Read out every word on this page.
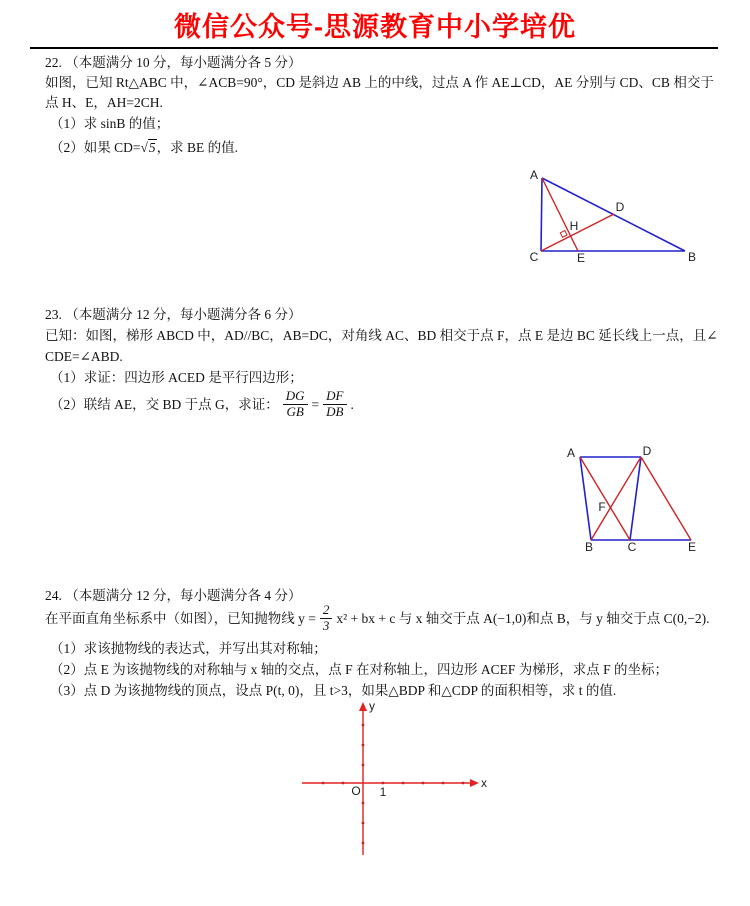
微信公众号-思源教育中小学培优
22. （本题满分 10 分，每小题满分各 5 分）
如图，已知 Rt△ABC 中，∠ACB=90°，CD 是斜边 AB 上的中线，过点 A 作 AE⊥CD，AE 分别与 CD、CB 相交于
点 H、E，AH=2CH.
（1）求 sinB 的值；
（2）如果 CD= √5 ，求 BE 的值.
A
C	B
D
H
E
23. （本题满分 12 分，每小题满分各 6 分）
已知：如图，梯形 ABCD 中，AD//BC，AB=DC，对角线 AC、BD 相交于点 F，点 E 是边 BC 延长线上一点，且∠
CDE=∠ABD.
（1）求证：四边形 ACED 是平行四边形；
（2）联结 AE，交 BD 于点 G，求证： $\frac{DG}{GB} = \frac{DF}{DB}$ .
A	D
B	C	E
F
24. （本题满分 12 分，每小题满分各 4 分）
在平面直角坐标系中（如图），已知抛物线 $y = \frac{2}{3} x^2$ + bx + c 与 x 轴交于点 A(−1,0)和点 B，与 y 轴交于点 C(0,−2).
（1）求该抛物线的表达式，并写出其对称轴；
（2）点 E 为该抛物线的对称轴与 x 轴的交点，点 F 在对称轴上，四边形 ACEF 为梯形，求点 F 的坐标；
（3）点 D 为该抛物线的顶点，设点 P(t, 0)，且 t>3，如果△BDP 和△CDP 的面积相等，求 t 的值.
x
y
O 1
